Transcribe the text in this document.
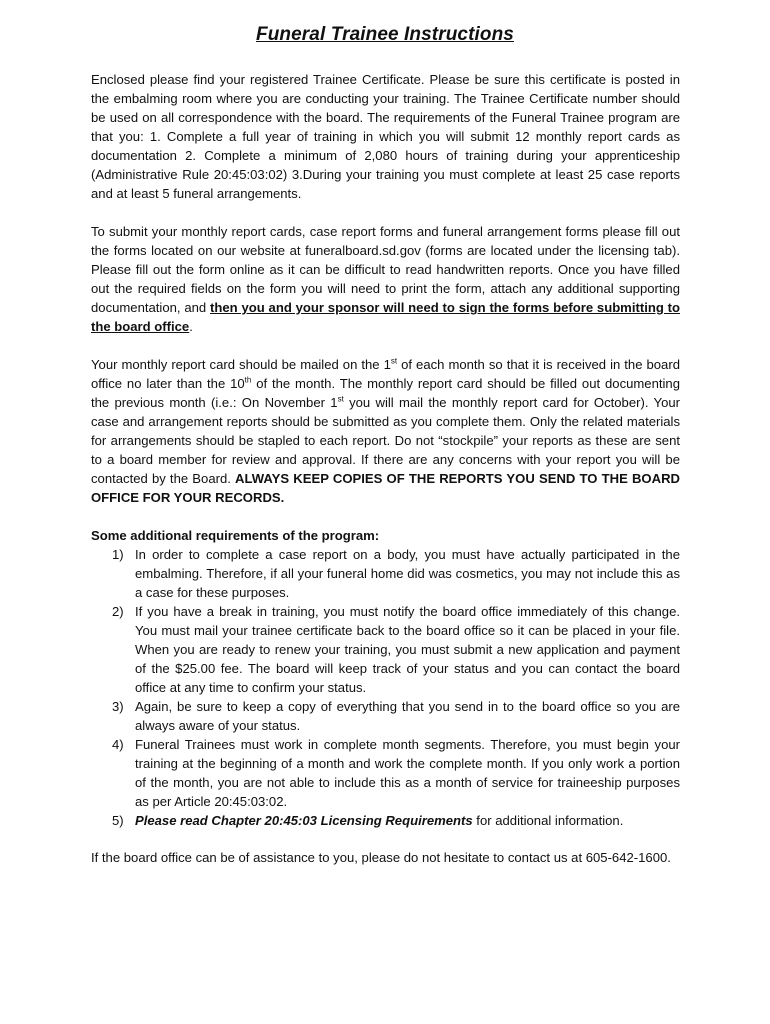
Funeral Trainee Instructions

Enclosed please find your registered Trainee Certificate. Please be sure this certificate is posted in the embalming room where you are conducting your training. The Trainee Certificate number should be used on all correspondence with the board. The requirements of the Funeral Trainee program are that you: 1. Complete a full year of training in which you will submit 12 monthly report cards as documentation 2. Complete a minimum of 2,080 hours of training during your apprenticeship (Administrative Rule 20:45:03:02) 3.During your training you must complete at least 25 case reports and at least 5 funeral arrangements.

To submit your monthly report cards, case report forms and funeral arrangement forms please fill out the forms located on our website at funeralboard.sd.gov (forms are located under the licensing tab). Please fill out the form online as it can be difficult to read handwritten reports. Once you have filled out the required fields on the form you will need to print the form, attach any additional supporting documentation, and then you and your sponsor will need to sign the forms before submitting to the board office.

Your monthly report card should be mailed on the 1st of each month so that it is received in the board office no later than the 10th of the month. The monthly report card should be filled out documenting the previous month (i.e.: On November 1st you will mail the monthly report card for October). Your case and arrangement reports should be submitted as you complete them. Only the related materials for arrangements should be stapled to each report. Do not “stockpile” your reports as these are sent to a board member for review and approval. If there are any concerns with your report you will be contacted by the Board. ALWAYS KEEP COPIES OF THE REPORTS YOU SEND TO THE BOARD OFFICE FOR YOUR RECORDS.

Some additional requirements of the program:

1) In order to complete a case report on a body, you must have actually participated in the embalming. Therefore, if all your funeral home did was cosmetics, you may not include this as a case for these purposes.
2) If you have a break in training, you must notify the board office immediately of this change. You must mail your trainee certificate back to the board office so it can be placed in your file. When you are ready to renew your training, you must submit a new application and payment of the $25.00 fee. The board will keep track of your status and you can contact the board office at any time to confirm your status.
3) Again, be sure to keep a copy of everything that you send in to the board office so you are always aware of your status.
4) Funeral Trainees must work in complete month segments. Therefore, you must begin your training at the beginning of a month and work the complete month. If you only work a portion of the month, you are not able to include this as a month of service for traineeship purposes as per Article 20:45:03:02.
5) Please read Chapter 20:45:03 Licensing Requirements for additional information.

If the board office can be of assistance to you, please do not hesitate to contact us at 605-642-1600.
